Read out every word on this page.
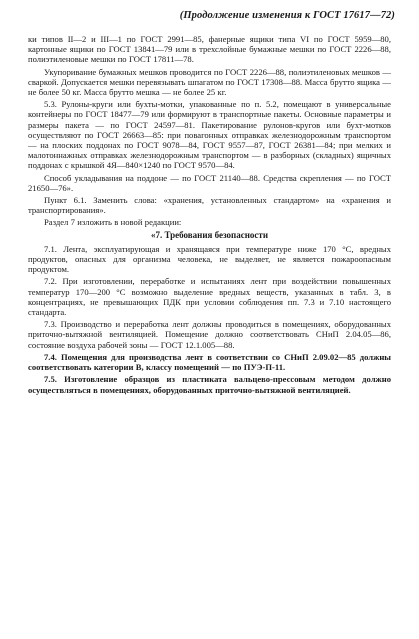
(Продолжение изменения к ГОСТ 17617—72)

ки типов II—2 и III—1 по ГОСТ 2991—85, фанерные ящики типа VI по ГОСТ 5959—80, картонные ящики по ГОСТ 13841—79 или в трехслойные бумажные мешки по ГОСТ 2226—88, полиэтиленовые мешки по ГОСТ 17811—78.

Укупоривание бумажных мешков проводится по ГОСТ 2226—88, полиэтиленовых мешков — сваркой. Допускается мешки перевязывать шпагатом по ГОСТ 17308—88. Масса брутто ящика — не более 50 кг. Масса брутто мешка — не более 25 кг.

5.3. Рулоны-круги или бухты-мотки, упакованные по п. 5.2, помещают в универсальные контейнеры по ГОСТ 18477—79 или формируют в транспортные пакеты. Основные параметры и размеры пакета — по ГОСТ 24597—81. Пакетирование рулонов-кругов или бухт-мотков осуществляют по ГОСТ 26663—85: при повагонных отправках железнодорожным транспортом — на плоских поддонах по ГОСТ 9078—84, ГОСТ 9557—87, ГОСТ 26381—84; при мелких и малотоннажных отправках железнодорожным транспортом — в разборных (складных) ящичных поддонах с крышкой 4Я—840×1240 по ГОСТ 9570—84.

Способ укладывания на поддоне — по ГОСТ 21140—88. Средства скрепления — по ГОСТ 21650—76».

Пункт 6.1. Заменить слова: «хранения, установленных стандартом» на «хранения и транспортирования».

Раздел 7 изложить в новой редакции:

«7. Требования безопасности

7.1. Лента, эксплуатирующая и хранящаяся при температуре ниже 170 °С, вредных продуктов, опасных для организма человека, не выделяет, не является пожароопасным продуктом.

7.2. При изготовлении, переработке и испытаниях лент при воздействии повышенных температур 170—200 °С возможно выделение вредных веществ, указанных в табл. 3, в концентрациях, не превышающих ПДК при условии соблюдения пп. 7.3 и 7.10 настоящего стандарта.

7.3. Производство и переработка лент должны проводиться в помещениях, оборудованных приточно-вытяжной вентиляцией. Помещение должно соответствовать СНиП 2.04.05—86, состояние воздуха рабочей зоны — ГОСТ 12.1.005—88.

7.4. Помещения для производства лент в соответствии со СНиП 2.09.02—85 должны соответствовать категории В, классу помещений — по ПУЭ-П-11.

7.5. Изготовление образцов из пластиката вальцево-прессовым методом должно осуществляться в помещениях, оборудованных приточно-вытяжной вентиляцией.
